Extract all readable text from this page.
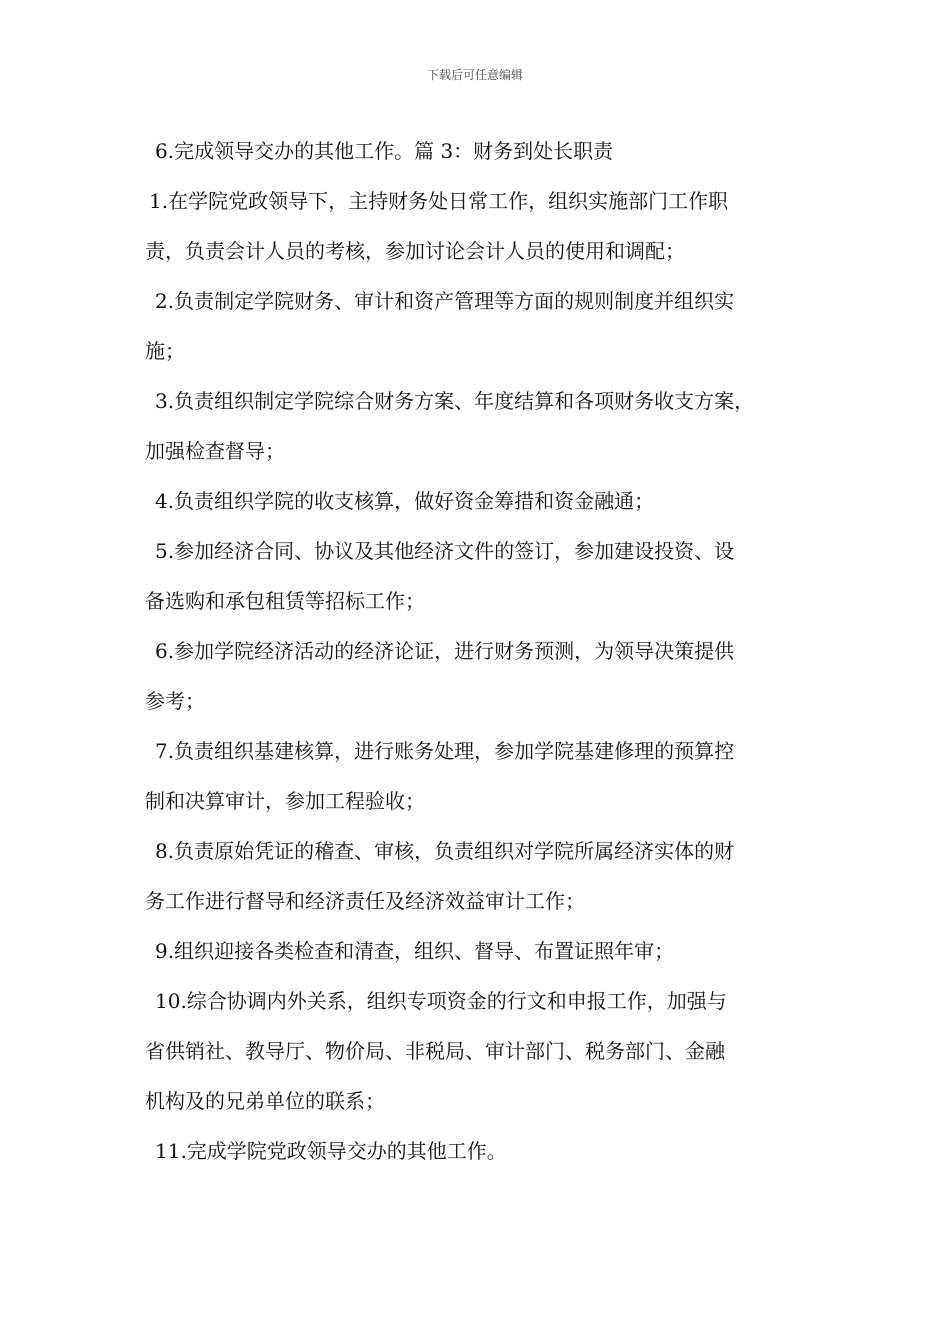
下载后可任意编辑
6.完成领导交办的其他工作。篇 3：财务到处长职责
1.在学院党政领导下，主持财务处日常工作，组织实施部门工作职
责，负责会计人员的考核，参加讨论会计人员的使用和调配；
2.负责制定学院财务、审计和资产管理等方面的规则制度并组织实
施；
3.负责组织制定学院综合财务方案、年度结算和各项财务收支方案，
加强检查督导；
4.负责组织学院的收支核算，做好资金筹措和资金融通；
5.参加经济合同、协议及其他经济文件的签订，参加建设投资、设
备选购和承包租赁等招标工作；
6.参加学院经济活动的经济论证，进行财务预测，为领导决策提供
参考；
7.负责组织基建核算，进行账务处理，参加学院基建修理的预算控
制和决算审计，参加工程验收；
8.负责原始凭证的稽查、审核，负责组织对学院所属经济实体的财
务工作进行督导和经济责任及经济效益审计工作；
9.组织迎接各类检查和清查，组织、督导、布置证照年审；
10.综合协调内外关系，组织专项资金的行文和申报工作，加强与
省供销社、教导厅、物价局、非税局、审计部门、税务部门、金融
机构及的兄弟单位的联系；
11.完成学院党政领导交办的其他工作。
